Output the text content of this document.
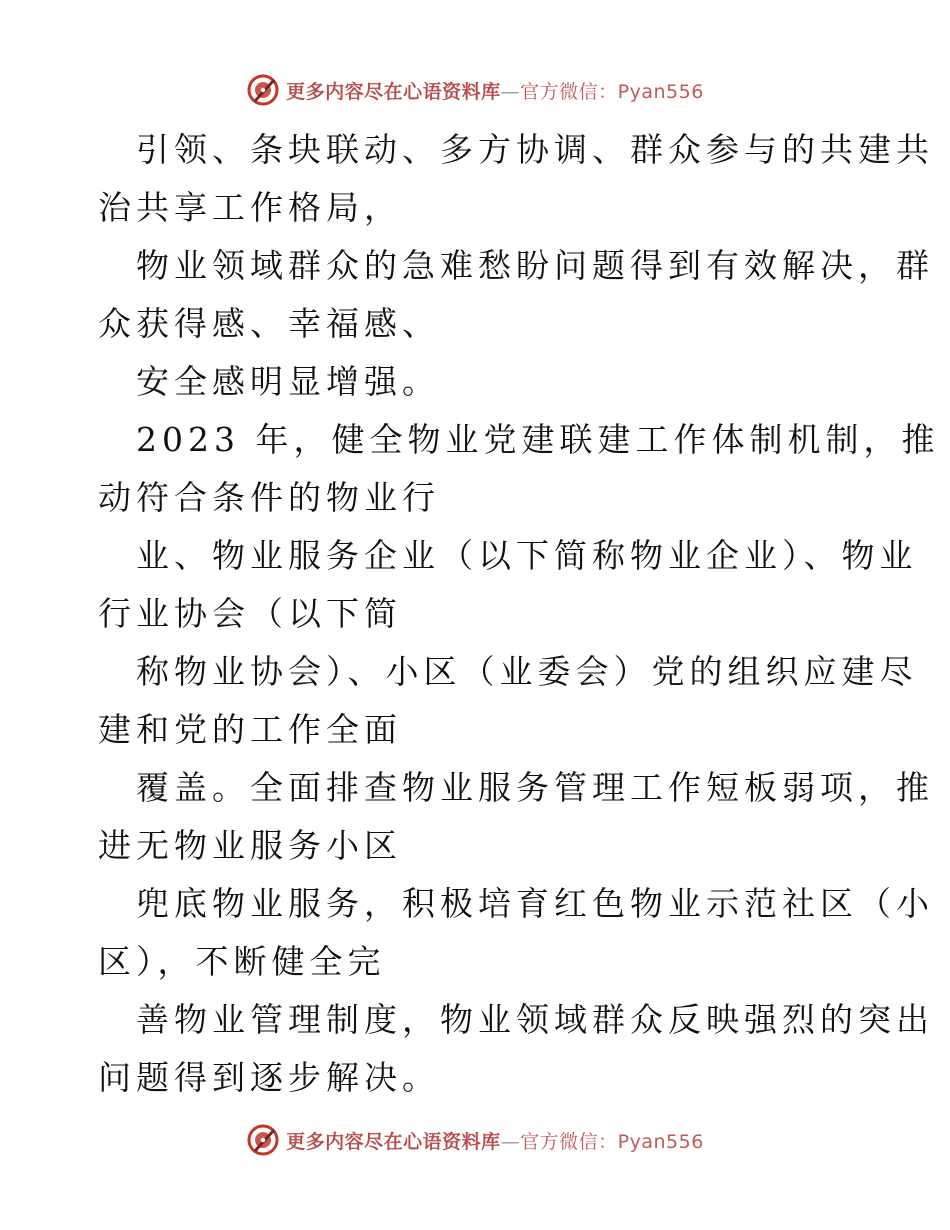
更多内容尽在心语资料库—官方微信：Pyan556

引领、条块联动、多方协调、群众参与的共建共
治共享工作格局，

物业领域群众的急难愁盼问题得到有效解决，群
众获得感、幸福感、

安全感明显增强。

2023 年，健全物业党建联建工作体制机制，推
动符合条件的物业行

业、物业服务企业（以下简称物业企业）、物业
行业协会（以下简

称物业协会）、小区（业委会）党的组织应建尽
建和党的工作全面

覆盖。全面排查物业服务管理工作短板弱项，推
进无物业服务小区

兜底物业服务，积极培育红色物业示范社区（小
区），不断健全完

善物业管理制度，物业领域群众反映强烈的突出
问题得到逐步解决。

更多内容尽在心语资料库—官方微信：Pyan556
